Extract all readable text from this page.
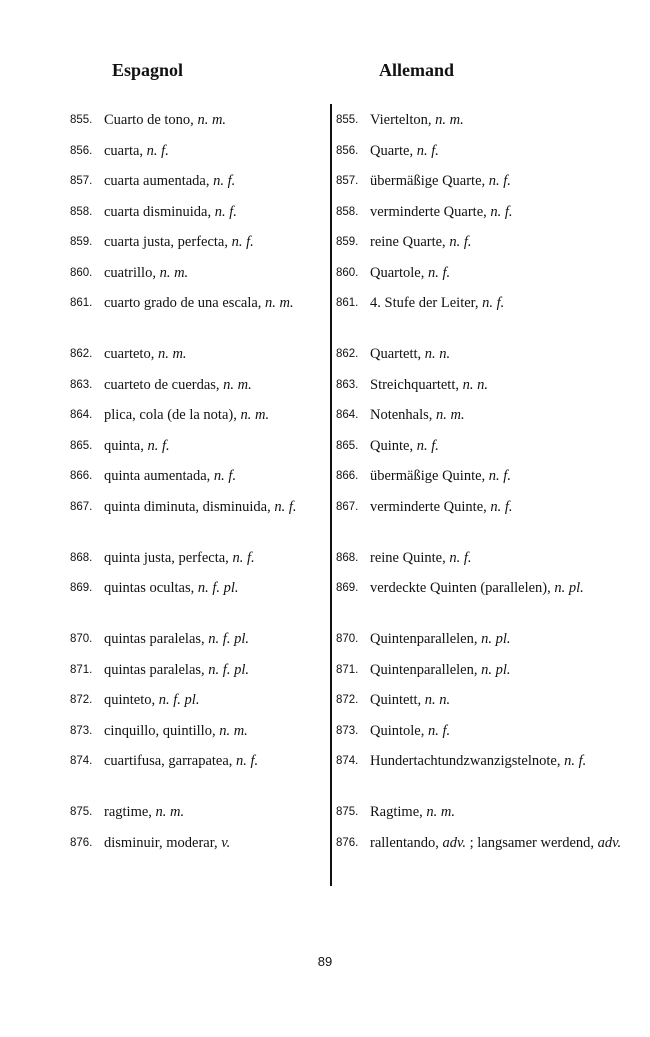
Espagnol	Allemand
855. Cuarto de tono, n. m.	855. Viertelton, n. m.
856. cuarta, n. f.	856. Quarte, n. f.
857. cuarta aumentada, n. f.	857. übermäßige Quarte, n. f.
858. cuarta disminuida, n. f.	858. verminderte Quarte, n. f.
859. cuarta justa, perfecta, n. f.	859. reine Quarte, n. f.
860. cuatrillo, n. m.	860. Quartole, n. f.
861. cuarto grado de una escala, n. m.	861. 4. Stufe der Leiter, n. f.
862. cuarteto, n. m.	862. Quartett, n. n.
863. cuarteto de cuerdas, n. m.	863. Streichquartett, n. n.
864. plica, cola (de la nota), n. m.	864. Notenhals, n. m.
865. quinta, n. f.	865. Quinte, n. f.
866. quinta aumentada, n. f.	866. übermäßige Quinte, n. f.
867. quinta diminuta, disminuida, n. f.	867. verminderte Quinte, n. f.
868. quinta justa, perfecta, n. f.	868. reine Quinte, n. f.
869. quintas ocultas, n. f. pl.	869. verdeckte Quinten (parallelen), n. pl.
870. quintas paralelas, n. f. pl.	870. Quintenparallelen, n. pl.
871. quintas paralelas, n. f. pl.	871. Quintenparallelen, n. pl.
872. quinteto, n. f. pl.	872. Quintett, n. n.
873. cinquillo, quintillo, n. m.	873. Quintole, n. f.
874. cuartifusa, garrapatea, n. f.	874. Hundertachtundzwanzigstelnote, n. f.
875. ragtime, n. m.	875. Ragtime, n. m.
876. disminuir, moderar, v.	876. rallentando, adv. ; langsamer werdend, adv.
89
